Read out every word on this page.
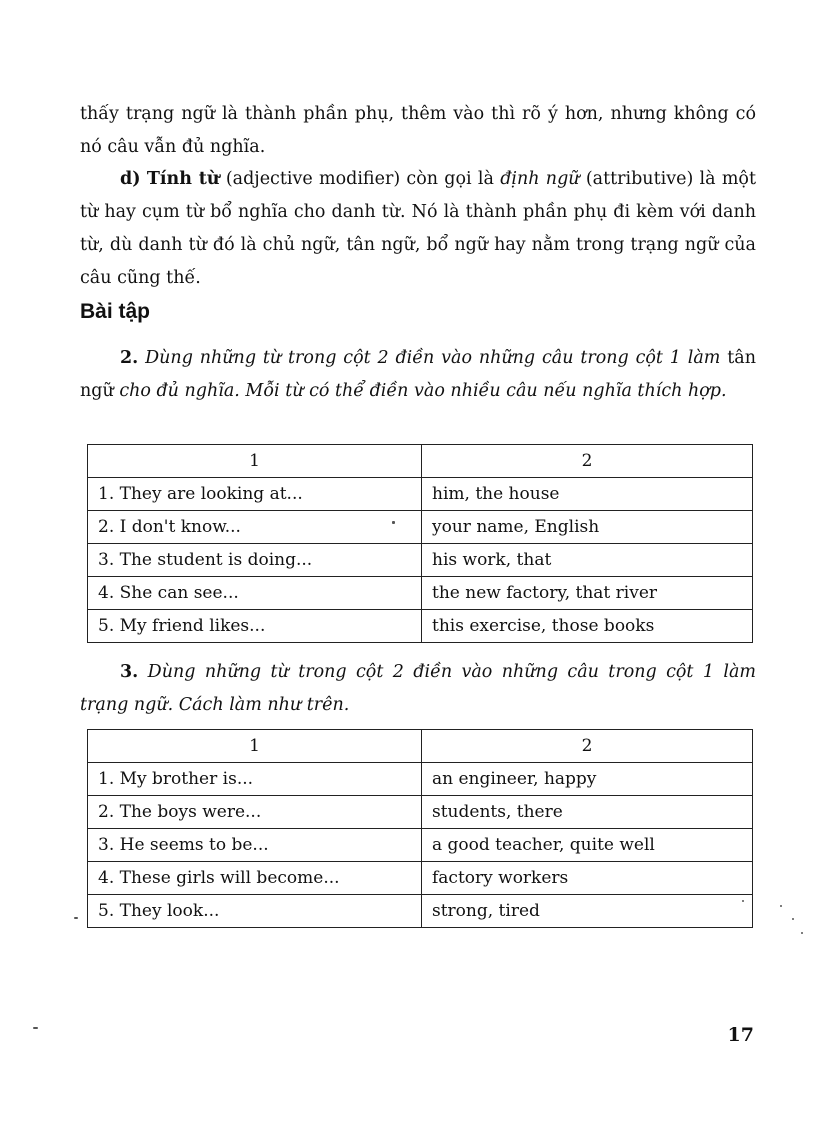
thấy trạng ngữ là thành phần phụ, thêm vào thì rõ ý hơn, nhưng không có nó câu vẫn đủ nghĩa.
d) Tính từ (adjective modifier) còn gọi là định ngữ (attributive) là một từ hay cụm từ bổ nghĩa cho danh từ. Nó là thành phần phụ đi kèm với danh từ, dù danh từ đó là chủ ngữ, tân ngữ, bổ ngữ hay nằm trong trạng ngữ của câu cũng thế.
Bài tập
2. Dùng những từ trong cột 2 điền vào những câu trong cột 1 làm tân ngữ cho đủ nghĩa. Mỗi từ có thể điền vào nhiều câu nếu nghĩa thích hợp.
1	2
1. They are looking at...	him, the house
2. I don't know...	your name, English
3. The student is doing...	his work, that
4. She can see...	the new factory, that river
5. My friend likes...	this exercise, those books
3. Dùng những từ trong cột 2 điền vào những câu trong cột 1 làm trạng ngữ. Cách làm như trên.
1	2
1. My brother is...	an engineer, happy
2. The boys were...	students, there
3. He seems to be...	a good teacher, quite well
4. These girls will become...	factory workers
5. They look...	strong, tired
17
